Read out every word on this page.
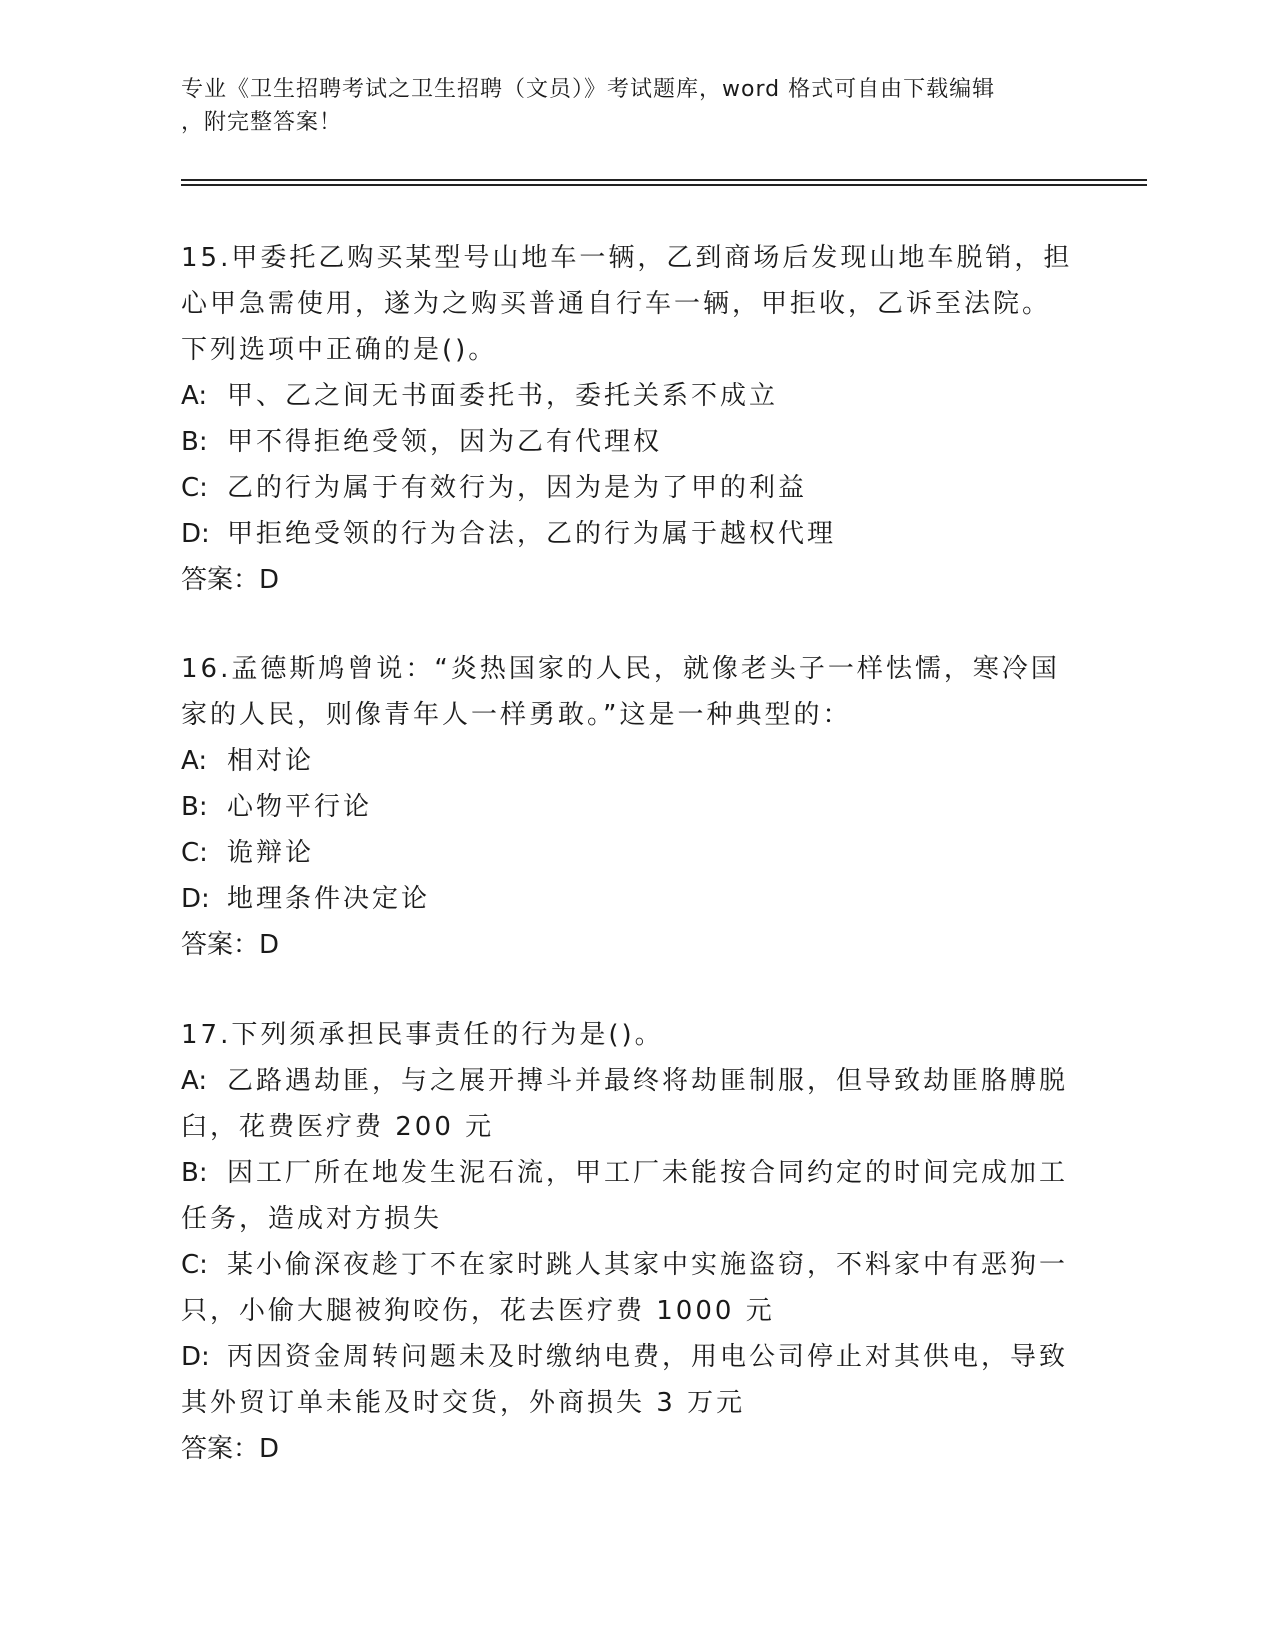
专业《卫生招聘考试之卫生招聘（文员）》考试题库，word 格式可自由下载编辑
，附完整答案！
15.甲委托乙购买某型号山地车一辆，乙到商场后发现山地车脱销，担
心甲急需使用，遂为之购买普通自行车一辆，甲拒收，乙诉至法院。
下列选项中正确的是()。
A: 甲、乙之间无书面委托书，委托关系不成立
B: 甲不得拒绝受领，因为乙有代理权
C: 乙的行为属于有效行为，因为是为了甲的利益
D: 甲拒绝受领的行为合法，乙的行为属于越权代理
答案：D
16.孟德斯鸠曾说：“炎热国家的人民，就像老头子一样怯懦，寒冷国
家的人民，则像青年人一样勇敢。”这是一种典型的：
A: 相对论
B: 心物平行论
C: 诡辩论
D: 地理条件决定论
答案：D
17.下列须承担民事责任的行为是()。
A: 乙路遇劫匪，与之展开搏斗并最终将劫匪制服，但导致劫匪胳膊脱
臼，花费医疗费 200 元
B: 因工厂所在地发生泥石流，甲工厂未能按合同约定的时间完成加工
任务，造成对方损失
C: 某小偷深夜趁丁不在家时跳人其家中实施盗窃，不料家中有恶狗一
只，小偷大腿被狗咬伤，花去医疗费 1000 元
D: 丙因资金周转问题未及时缴纳电费，用电公司停止对其供电，导致
其外贸订单未能及时交货，外商损失 3 万元
答案：D
